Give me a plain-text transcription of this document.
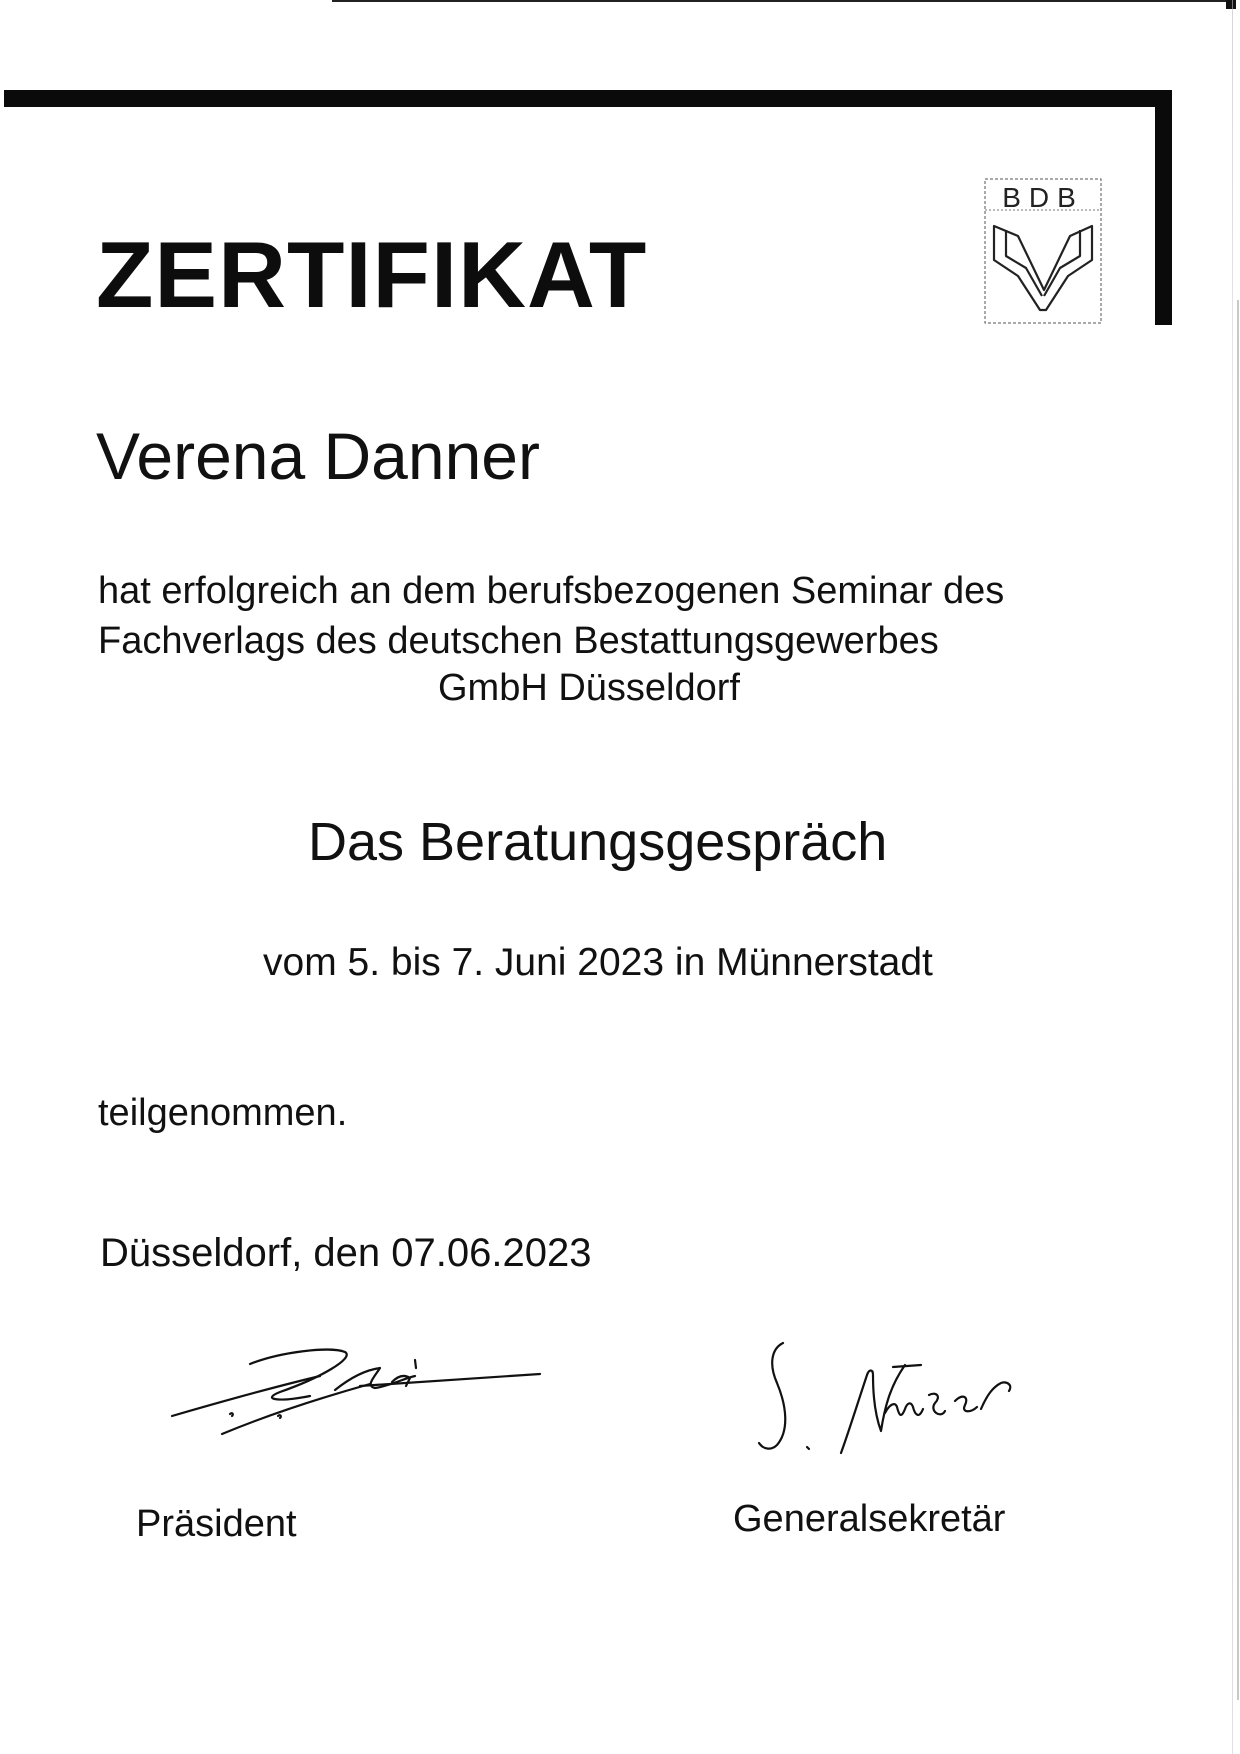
ZERTIFIKAT
BDB
Verena Danner

hat erfolgreich an dem berufsbezogenen Seminar des

Fachverlags des deutschen Bestattungsgewerbes

GmbH Düsseldorf

Das Beratungsgespräch

vom 5. bis 7. Juni 2023 in Münnerstadt

teilgenommen.

Düsseldorf, den 07.06.2023

Präsident	Generalsekretär
